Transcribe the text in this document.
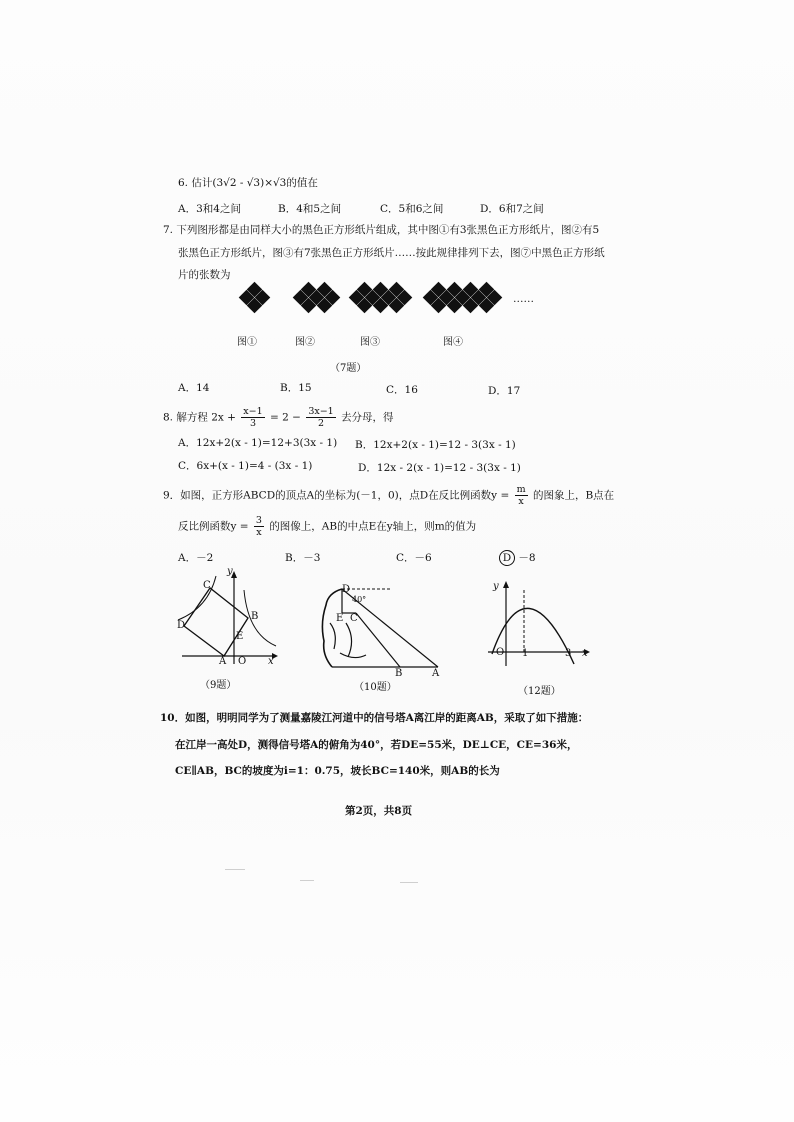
6. 估计(3√2 - √3)×√3的值在
A．3和4之间	B．4和5之间	C．5和6之间	D．6和7之间
7. 下列图形都是由同样大小的黑色正方形纸片组成，其中图①有3张黑色正方形纸片，图②有5
张黑色正方形纸片，图③有7张黑色正方形纸片……按此规律排列下去，图⑦中黑色正方形纸
片的张数为
……
图①	图②	图③	图④
（7题）
A．14	B．15	C．16	D．17
8. 解方程 $2x + \frac{x-1}{3} = 2 - \frac{3x-1}{2}$ 去分母，得
A．12x+2(x - 1)=12+3(3x - 1) B．12x+2(x - 1)=12 - 3(3x - 1)
C．6x+(x - 1)=4 - (3x - 1)	D．12x - 2(x - 1)=12 - 3(3x - 1)
9．如图，正方形ABCD的顶点A的坐标为(－1，0)，点D在反比例函数$y = \frac{m}{x}$ 的图象上，B点在
反比例函数$y = \frac{3}{x}$ 的图像上，AB的中点E在y轴上，则m的值为
A．－2	B．－3	C．－6	D －8
C
y
D
B
E
A O x
（9题）
D
40°
E C
B	A
（10题）
y
O 1	3 x
（12题）
10．如图，明明同学为了测量嘉陵江河道中的信号塔A离江岸的距离AB，采取了如下措施：
在江岸一高处D，测得信号塔A的俯角为40°，若DE=55米，DE⊥CE，CE=36米，
CE∥AB，BC的坡度为i=1：0.75，坡长BC=140米，则AB的长为
第2页，共8页
